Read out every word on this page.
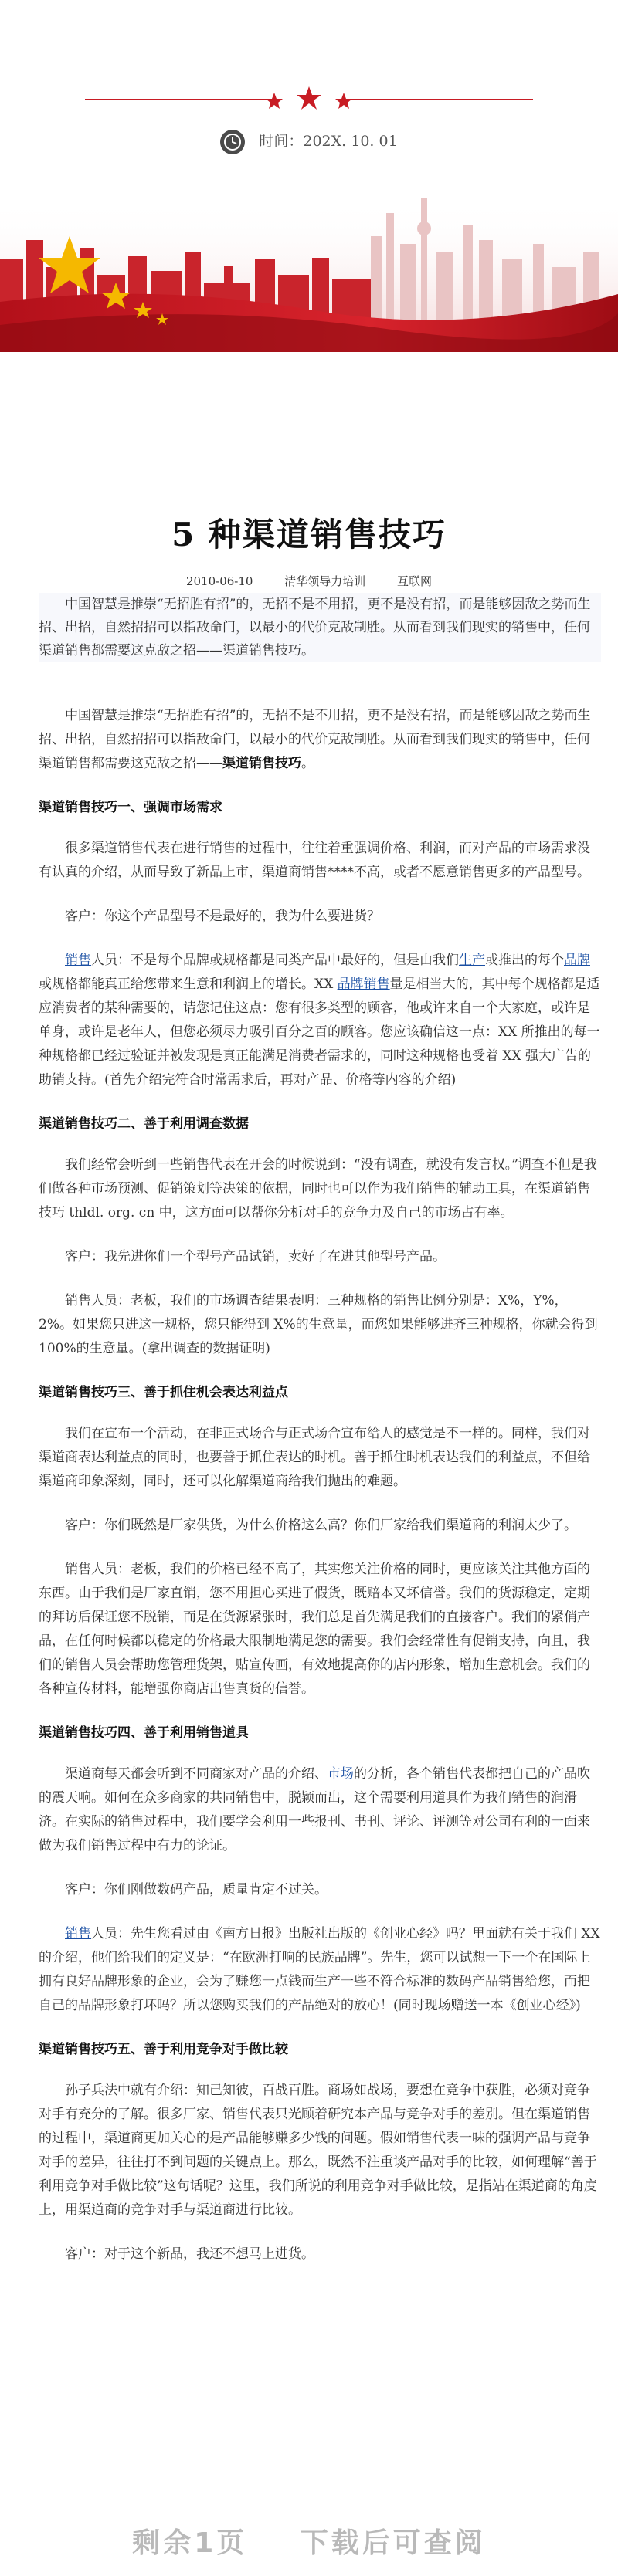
时间：202X. 10. 01
5 种渠道销售技巧
2010-06-10	清华领导力培训	互联网
中国智慧是推崇“无招胜有招”的，无招不是不用招，更不是没有招，而是能够因敌之势而生招、出招，自然招招可以指敌命门，以最小的代价克敌制胜。从而看到我们现实的销售中，任何渠道销售都需要这克敌之招——渠道销售技巧。

中国智慧是推崇“无招胜有招”的，无招不是不用招，更不是没有招，而是能够因敌之势而生招、出招，自然招招可以指敌命门，以最小的代价克敌制胜。从而看到我们现实的销售中，任何渠道销售都需要这克敌之招——渠道销售技巧。

渠道销售技巧一、强调市场需求

很多渠道销售代表在进行销售的过程中，往往着重强调价格、利润，而对产品的市场需求没有认真的介绍，从而导致了新品上市，渠道商销售****不高，或者不愿意销售更多的产品型号。

客户：你这个产品型号不是最好的，我为什么要进货？

销售人员：不是每个品牌或规格都是同类产品中最好的，但是由我们生产或推出的每个品牌或规格都能真正给您带来生意和利润上的增长。XX 品牌销售量是相当大的，其中每个规格都是适应消费者的某种需要的，请您记住这点：您有很多类型的顾客，他或许来自一个大家庭，或许是单身，或许是老年人，但您必须尽力吸引百分之百的顾客。您应该确信这一点：XX 所推出的每一种规格都已经过验证并被发现是真正能满足消费者需求的，同时这种规格也受着 XX 强大广告的助销支持。(首先介绍完符合时常需求后，再对产品、价格等内容的介绍)

渠道销售技巧二、善于利用调查数据

我们经常会听到一些销售代表在开会的时候说到：“没有调查，就没有发言权。”调查不但是我们做各种市场预测、促销策划等决策的依据，同时也可以作为我们销售的辅助工具，在渠道销售技巧 thldl. org. cn 中，这方面可以帮你分析对手的竞争力及自己的市场占有率。

客户：我先进你们一个型号产品试销，卖好了在进其他型号产品。

销售人员：老板，我们的市场调查结果表明：三种规格的销售比例分别是：X%，Y%，2%。如果您只进这一规格，您只能得到 X%的生意量，而您如果能够进齐三种规格，你就会得到 100%的生意量。(拿出调查的数据证明)

渠道销售技巧三、善于抓住机会表达利益点

我们在宣布一个活动，在非正式场合与正式场合宣布给人的感觉是不一样的。同样，我们对渠道商表达利益点的同时，也要善于抓住表达的时机。善于抓住时机表达我们的利益点，不但给渠道商印象深刻，同时，还可以化解渠道商给我们抛出的难题。

客户：你们既然是厂家供货，为什么价格这么高？你们厂家给我们渠道商的利润太少了。

销售人员：老板，我们的价格已经不高了，其实您关注价格的同时，更应该关注其他方面的东西。由于我们是厂家直销，您不用担心买进了假货，既赔本又坏信誉。我们的货源稳定，定期的拜访后保证您不脱销，而是在货源紧张时，我们总是首先满足我们的直接客户。我们的紧俏产品，在任何时候都以稳定的价格最大限制地满足您的需要。我们会经常性有促销支持，向且，我们的销售人员会帮助您管理货架，贴宣传画，有效地提高你的店内形象，增加生意机会。我们的各种宣传材料，能增强你商店出售真货的信誉。

渠道销售技巧四、善于利用销售道具

渠道商每天都会听到不同商家对产品的介绍、市场的分析，各个销售代表都把自己的产品吹的震天响。如何在众多商家的共同销售中，脱颖而出，这个需要利用道具作为我们销售的润滑济。在实际的销售过程中，我们要学会利用一些报刊、书刊、评论、评测等对公司有利的一面来做为我们销售过程中有力的论证。

客户：你们刚做数码产品，质量肯定不过关。

销售人员：先生您看过由《南方日报》出版社出版的《创业心经》吗？里面就有关于我们 XX 的介绍，他们给我们的定义是：“在欧洲打响的民族品牌”。先生，您可以试想一下一个在国际上拥有良好品牌形象的企业，会为了赚您一点钱而生产一些不符合标准的数码产品销售给您，而把自己的品牌形象打坏吗？所以您购买我们的产品绝对的放心！(同时现场赠送一本《创业心经》)

渠道销售技巧五、善于利用竞争对手做比较

孙子兵法中就有介绍：知己知彼，百战百胜。商场如战场，要想在竞争中获胜，必须对竞争对手有充分的了解。很多厂家、销售代表只光顾着研究本产品与竞争对手的差别。但在渠道销售的过程中，渠道商更加关心的是产品能够赚多少钱的问题。假如销售代表一味的强调产品与竞争对手的差异，往往打不到问题的关键点上。那么，既然不注重谈产品对手的比较，如何理解“善于利用竞争对手做比较”这句话呢？这里，我们所说的利用竞争对手做比较，是指站在渠道商的角度上，用渠道商的竞争对手与渠道商进行比较。

客户：对于这个新品，我还不想马上进货。

剩余1页 下载后可查阅
